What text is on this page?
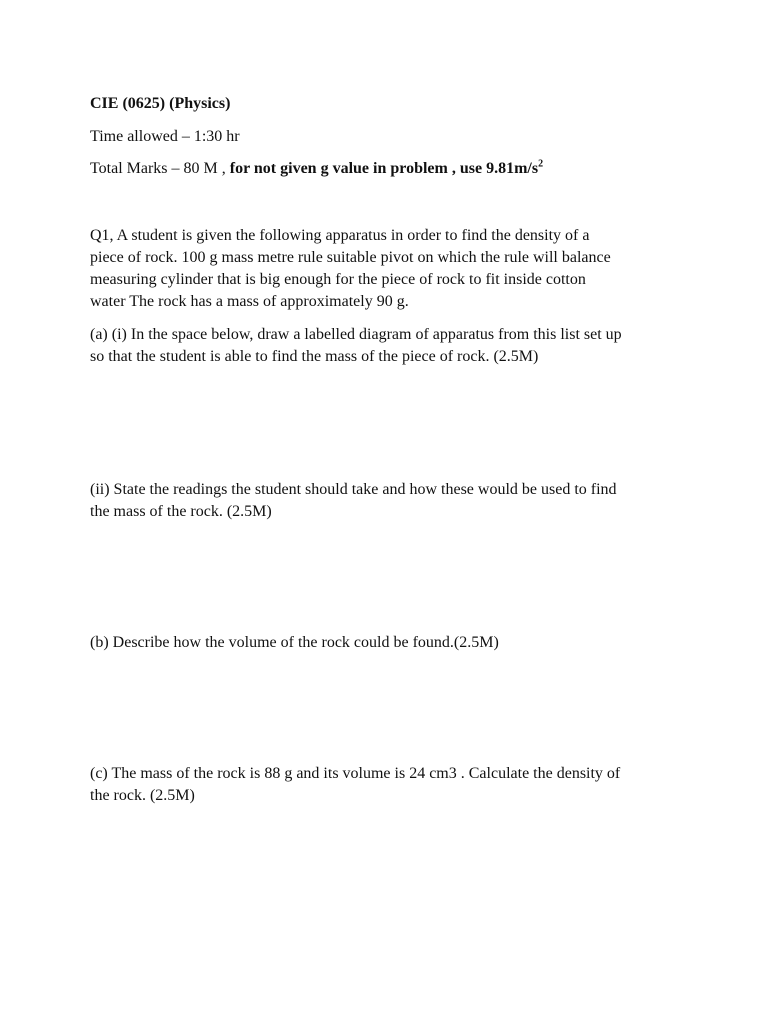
CIE (0625) (Physics)
Time allowed – 1:30 hr
Total Marks – 80 M , for not given g value in problem , use $9.81m/s^2$
Q1, A student is given the following apparatus in order to find the density of a
piece of rock. 100 g mass metre rule suitable pivot on which the rule will balance
measuring cylinder that is big enough for the piece of rock to fit inside cotton
water The rock has a mass of approximately 90 g.
(a) (i) In the space below, draw a labelled diagram of apparatus from this list set up
so that the student is able to find the mass of the piece of rock. (2.5M)
(ii) State the readings the student should take and how these would be used to find
the mass of the rock. (2.5M)
(b) Describe how the volume of the rock could be found.(2.5M)
(c) The mass of the rock is 88 g and its volume is 24 cm3 . Calculate the density of
the rock. (2.5M)
